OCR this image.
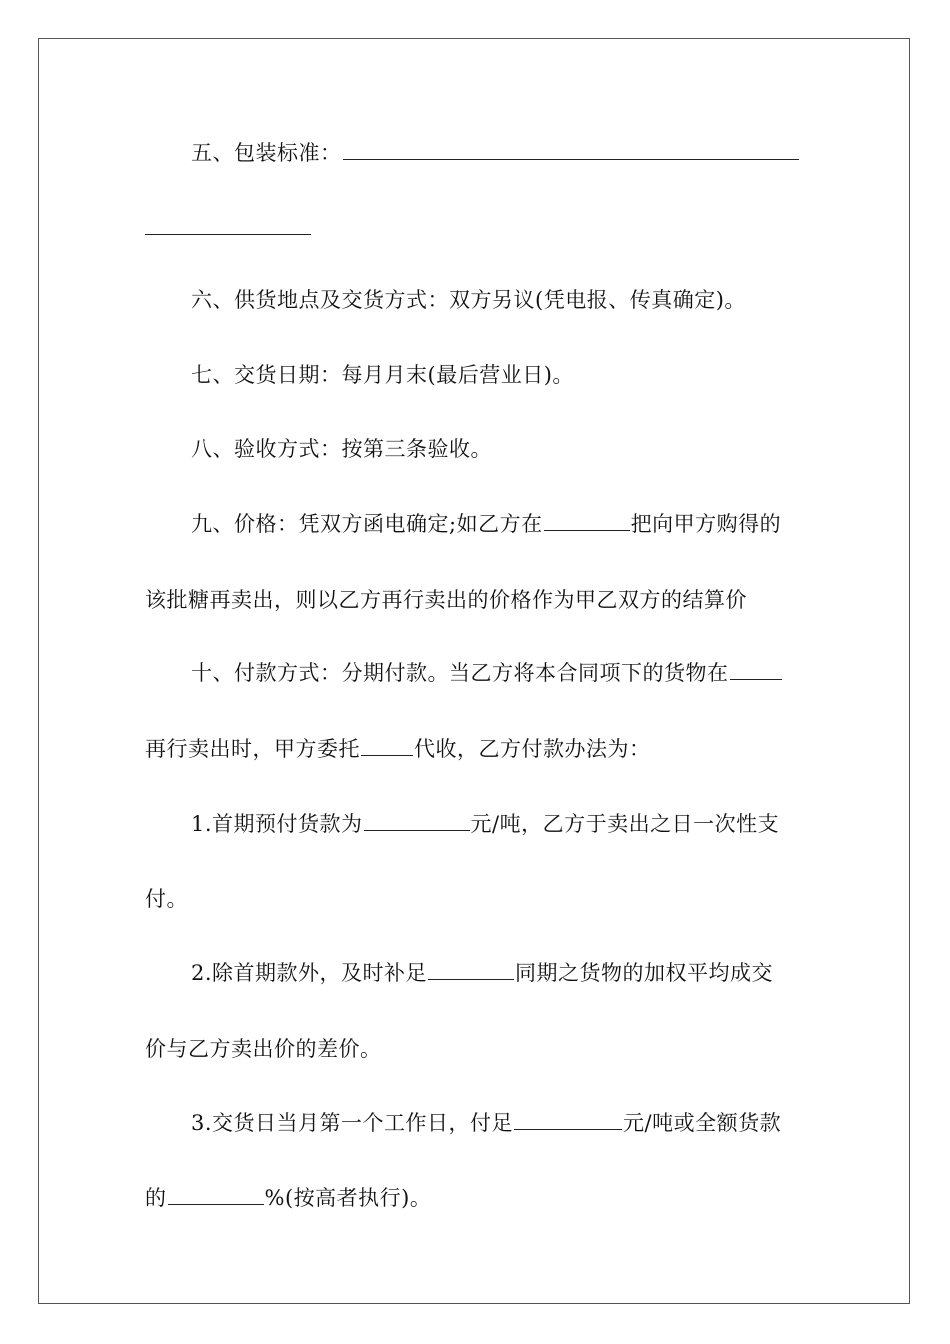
五、包装标准：
六、供货地点及交货方式：双方另议(凭电报、传真确定)。
七、交货日期：每月月末(最后营业日)。
八、验收方式：按第三条验收。
九、价格：凭双方函电确定;如乙方在	把向甲方购得的
该批糖再卖出，则以乙方再行卖出的价格作为甲乙双方的结算价
十、付款方式：分期付款。当乙方将本合同项下的货物在
再行卖出时，甲方委托	代收，乙方付款办法为：
1.首期预付货款为	元/吨，乙方于卖出之日一次性支
付。
2.除首期款外，及时补足	同期之货物的加权平均成交
价与乙方卖出价的差价。
3.交货日当月第一个工作日，付足	元/吨或全额货款
的	%(按高者执行)。
